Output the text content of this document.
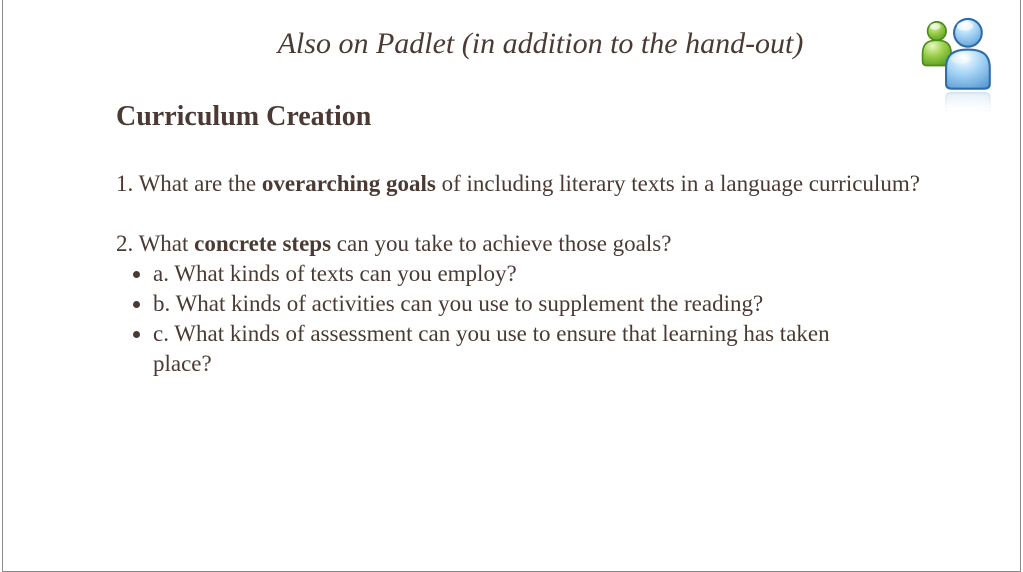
Also on Padlet (in addition to the hand-out)
Curriculum Creation

1. What are the overarching goals of including literary texts in a language curriculum?

2. What concrete steps can you take to achieve those goals?

• a. What kinds of texts can you employ?
• b. What kinds of activities can you use to supplement the reading?
• c. What kinds of assessment can you use to ensure that learning has taken place?
